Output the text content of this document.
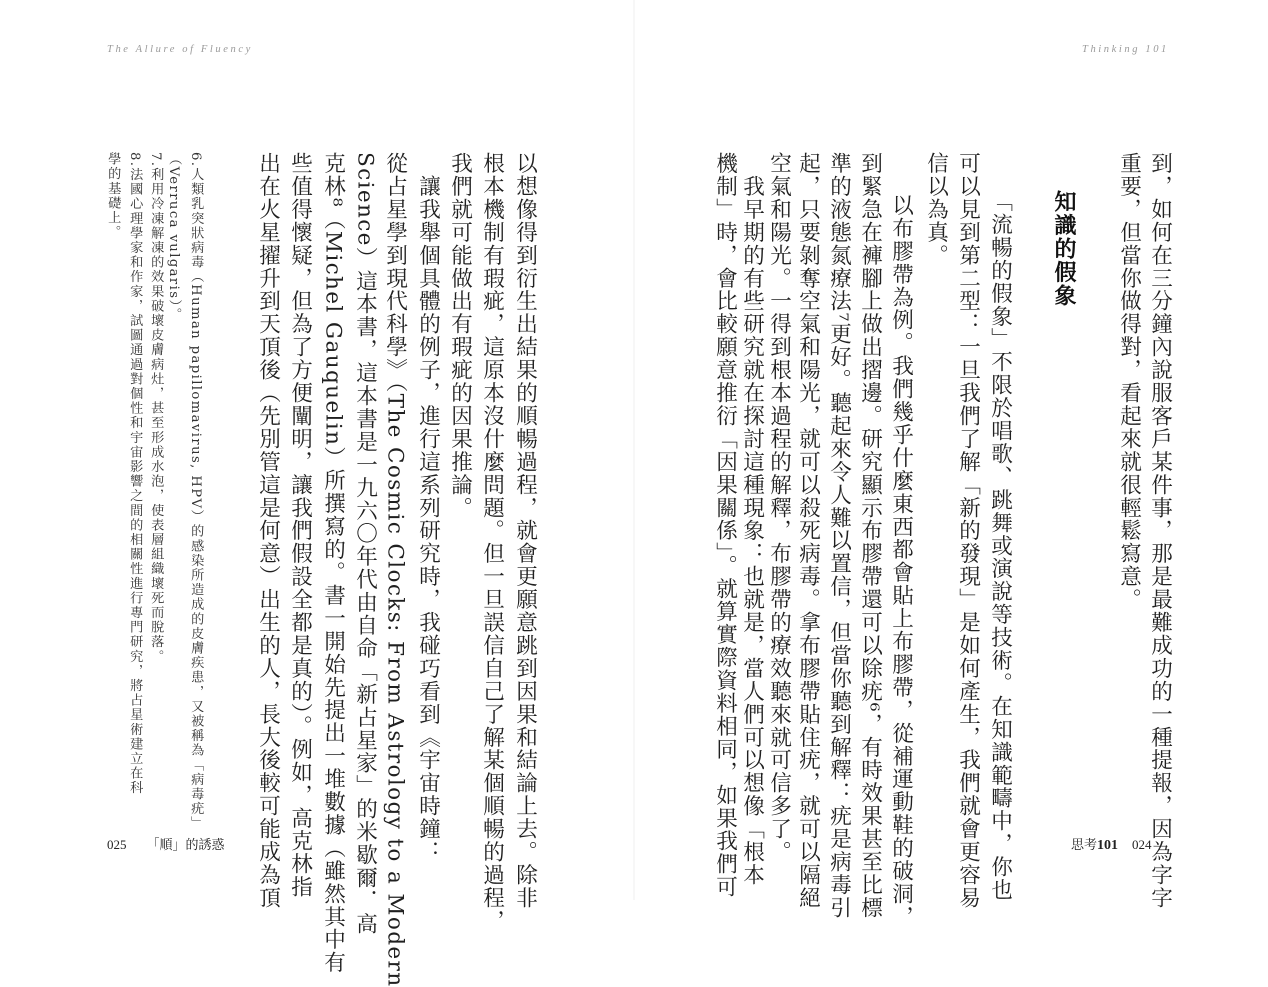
The Allure of Fluency
以想像得到衍生出結果的順暢過程，就會更願意跳到因果和結論上去。除非
根本機制有瑕疵，這原本沒什麼問題。但一旦誤信自己了解某個順暢的過程，
我們就可能做出有瑕疵的因果推論。
　讓我舉個具體的例子，進行這系列研究時，我碰巧看到《宇宙時鐘：
從占星學到現代科學》（The Cosmic Clocks: From Astrology to a Modern
Science）這本書，這本書是一九六〇年代由自命「新占星家」的米歇爾．高
克林⁸（Michel Gauquelin）所撰寫的。書一開始先提出一堆數據（雖然其中有
些值得懷疑，但為了方便闡明，讓我們假設全都是真的）。例如，高克林指
出在火星擢升到天頂後（先別管這是何意）出生的人，長大後較可能成為頂
6.人類乳突狀病毒（Human papillomavirus, HPV）的感染所造成的皮膚疾患，又被稱為「病毒疣」
（Verruca vulgaris）。
7.利用冷凍解凍的效果破壞皮膚病灶，甚至形成水泡，使表層組織壞死而脫落。
8.法國心理學家和作家，試圖通過對個性和宇宙影響之間的相關性進行專門研究，將占星術建立在科
學的基礎上。
025 「順」的誘惑
Thinking 101
到，如何在三分鐘內說服客戶某件事，那是最難成功的一種提報，因為字字
重要，但當你做得對，看起來就很輕鬆寫意。
知識的假象
「流暢的假象」不限於唱歌、跳舞或演說等技術。在知識範疇中，你也
可以見到第二型：一旦我們了解「新的發現」是如何產生，我們就會更容易
信以為真。
　以布膠帶為例。我們幾乎什麼東西都會貼上布膠帶，從補運動鞋的破洞，
到緊急在褲腳上做出摺邊。研究顯示布膠帶還可以除疣⁶，有時效果甚至比標
準的液態氮療法⁷更好。聽起來令人難以置信，但當你聽到解釋：疣是病毒引
起，只要剝奪空氣和陽光，就可以殺死病毒。拿布膠帶貼住疣，就可以隔絕
空氣和陽光。一得到根本過程的解釋，布膠帶的療效聽來就可信多了。
　我早期的有些研究就在探討這種現象：也就是，當人們可以想像「根本
機制」時，會比較願意推衍「因果關係」。就算實際資料相同，如果我們可	思考101 024
